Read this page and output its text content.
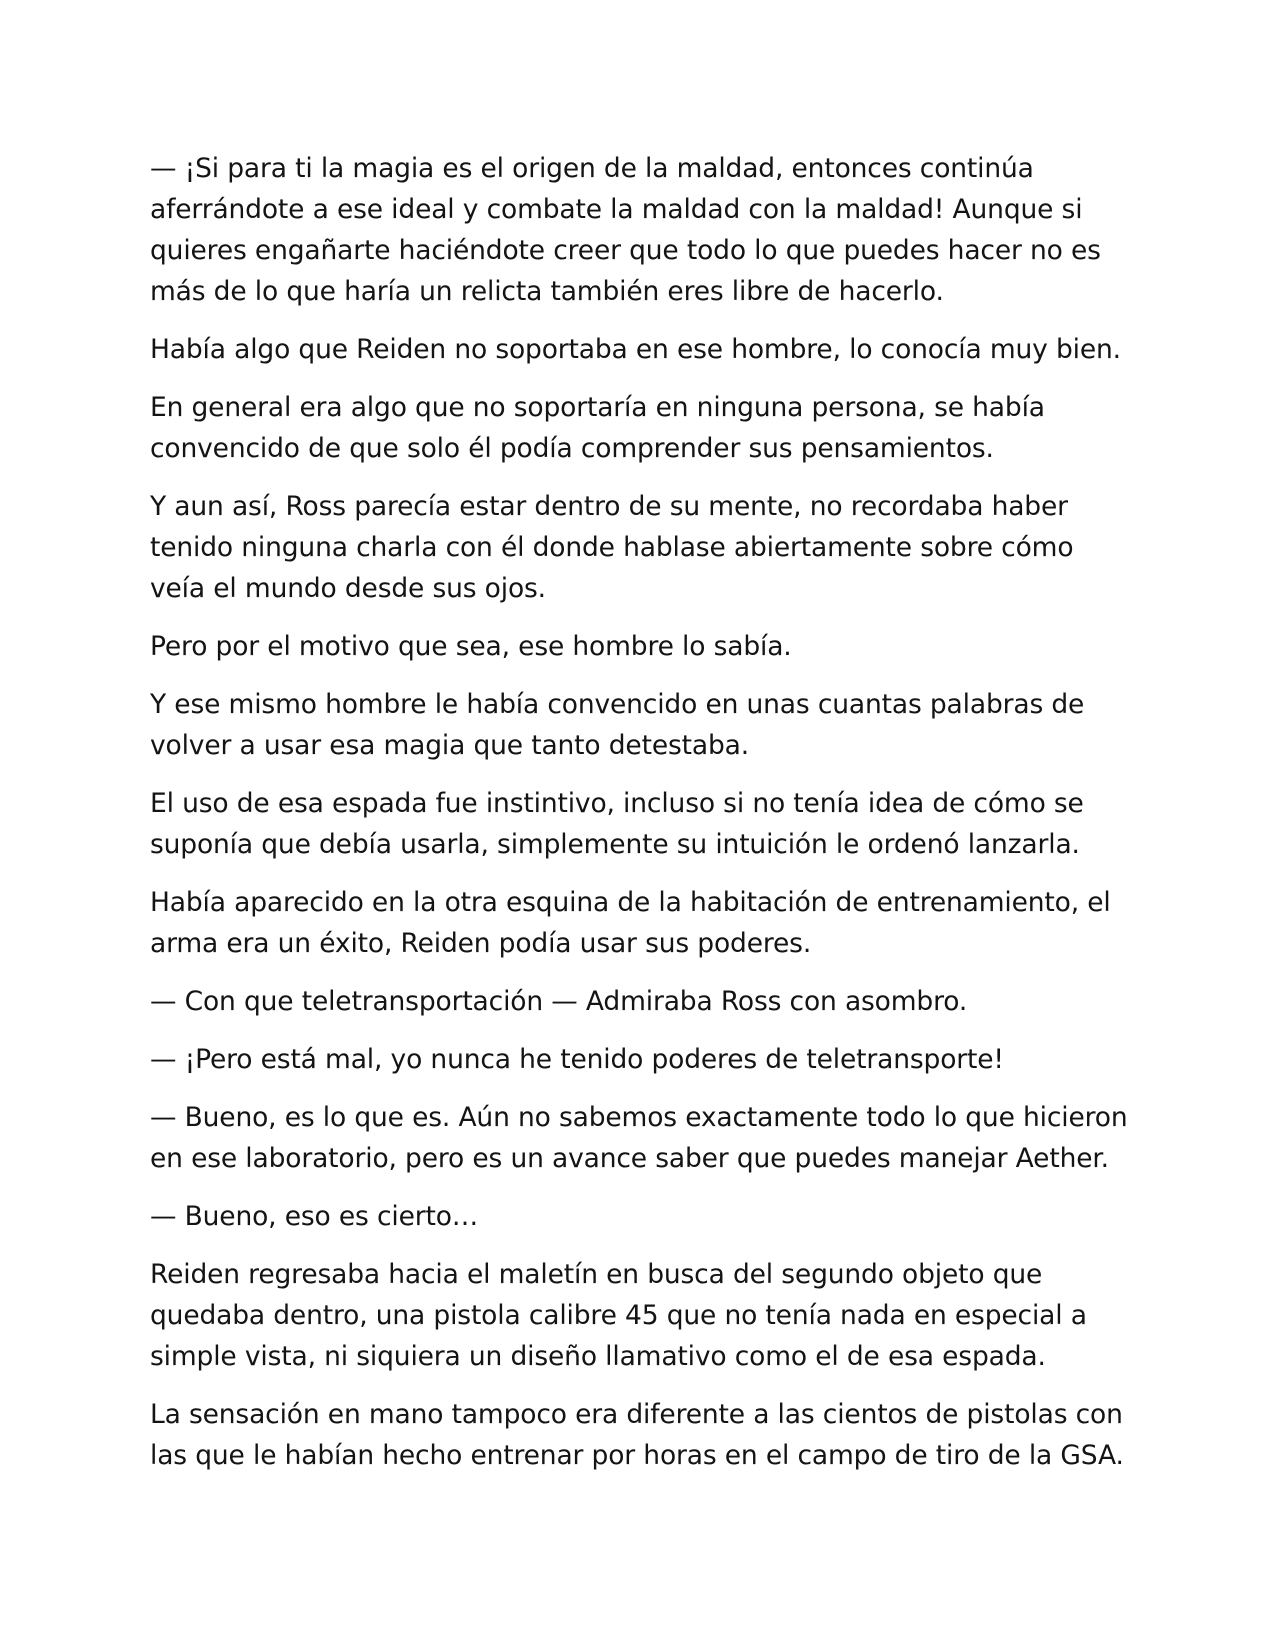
— ¡Si para ti la magia es el origen de la maldad, entonces continúa aferrándote a ese ideal y combate la maldad con la maldad! Aunque si quieres engañarte haciéndote creer que todo lo que puedes hacer no es más de lo que haría un relicta también eres libre de hacerlo.

Había algo que Reiden no soportaba en ese hombre, lo conocía muy bien.

En general era algo que no soportaría en ninguna persona, se había convencido de que solo él podía comprender sus pensamientos.

Y aun así, Ross parecía estar dentro de su mente, no recordaba haber tenido ninguna charla con él donde hablase abiertamente sobre cómo veía el mundo desde sus ojos.

Pero por el motivo que sea, ese hombre lo sabía.

Y ese mismo hombre le había convencido en unas cuantas palabras de volver a usar esa magia que tanto detestaba.

El uso de esa espada fue instintivo, incluso si no tenía idea de cómo se suponía que debía usarla, simplemente su intuición le ordenó lanzarla.

Había aparecido en la otra esquina de la habitación de entrenamiento, el arma era un éxito, Reiden podía usar sus poderes.

— Con que teletransportación — Admiraba Ross con asombro.

— ¡Pero está mal, yo nunca he tenido poderes de teletransporte!

— Bueno, es lo que es. Aún no sabemos exactamente todo lo que hicieron en ese laboratorio, pero es un avance saber que puedes manejar Aether.

— Bueno, eso es cierto…

Reiden regresaba hacia el maletín en busca del segundo objeto que quedaba dentro, una pistola calibre 45 que no tenía nada en especial a simple vista, ni siquiera un diseño llamativo como el de esa espada.

La sensación en mano tampoco era diferente a las cientos de pistolas con las que le habían hecho entrenar por horas en el campo de tiro de la GSA.
